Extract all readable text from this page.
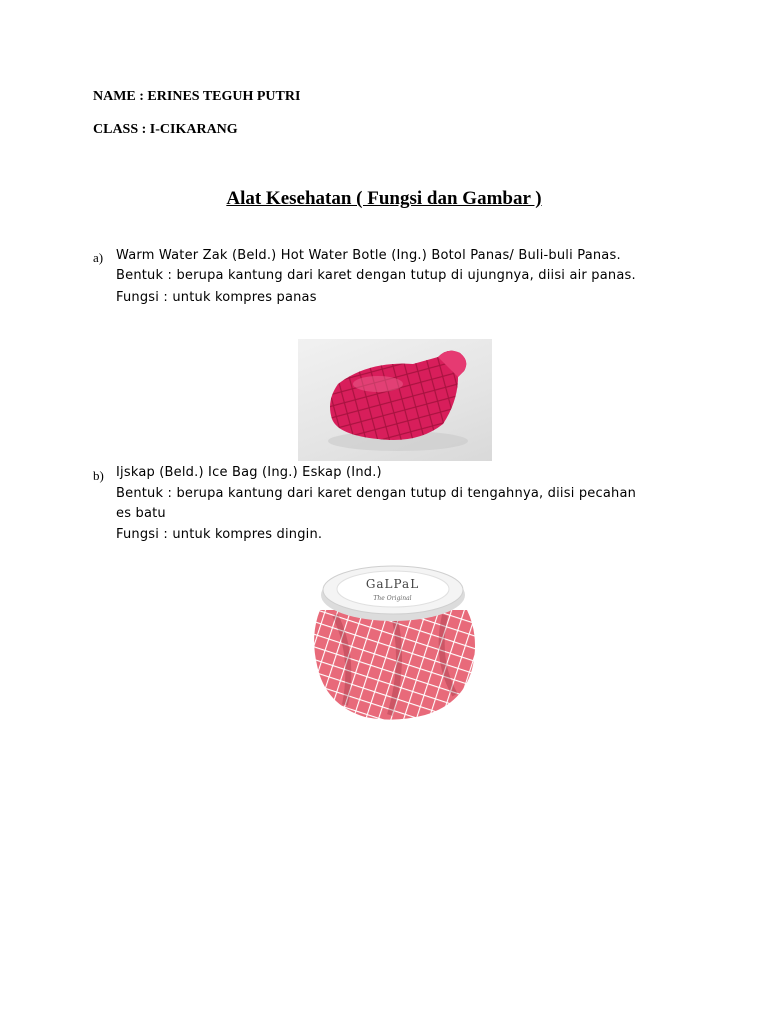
NAME : ERINES TEGUH PUTRI
CLASS : I-CIKARANG
Alat Kesehatan ( Fungsi dan Gambar )
a) Warm Water Zak (Beld.) Hot Water Botle (Ing.) Botol Panas/ Buli-buli Panas.
Bentuk : berupa kantung dari karet dengan tutup di ujungnya, diisi air panas.
Fungsi : untuk kompres panas
b) Ijskap (Beld.) Ice Bag (Ing.) Eskap (Ind.)
Bentuk : berupa kantung dari karet dengan tutup di tengahnya, diisi pecahan
es batu
Fungsi : untuk kompres dingin.
GaLPaL
The Original
